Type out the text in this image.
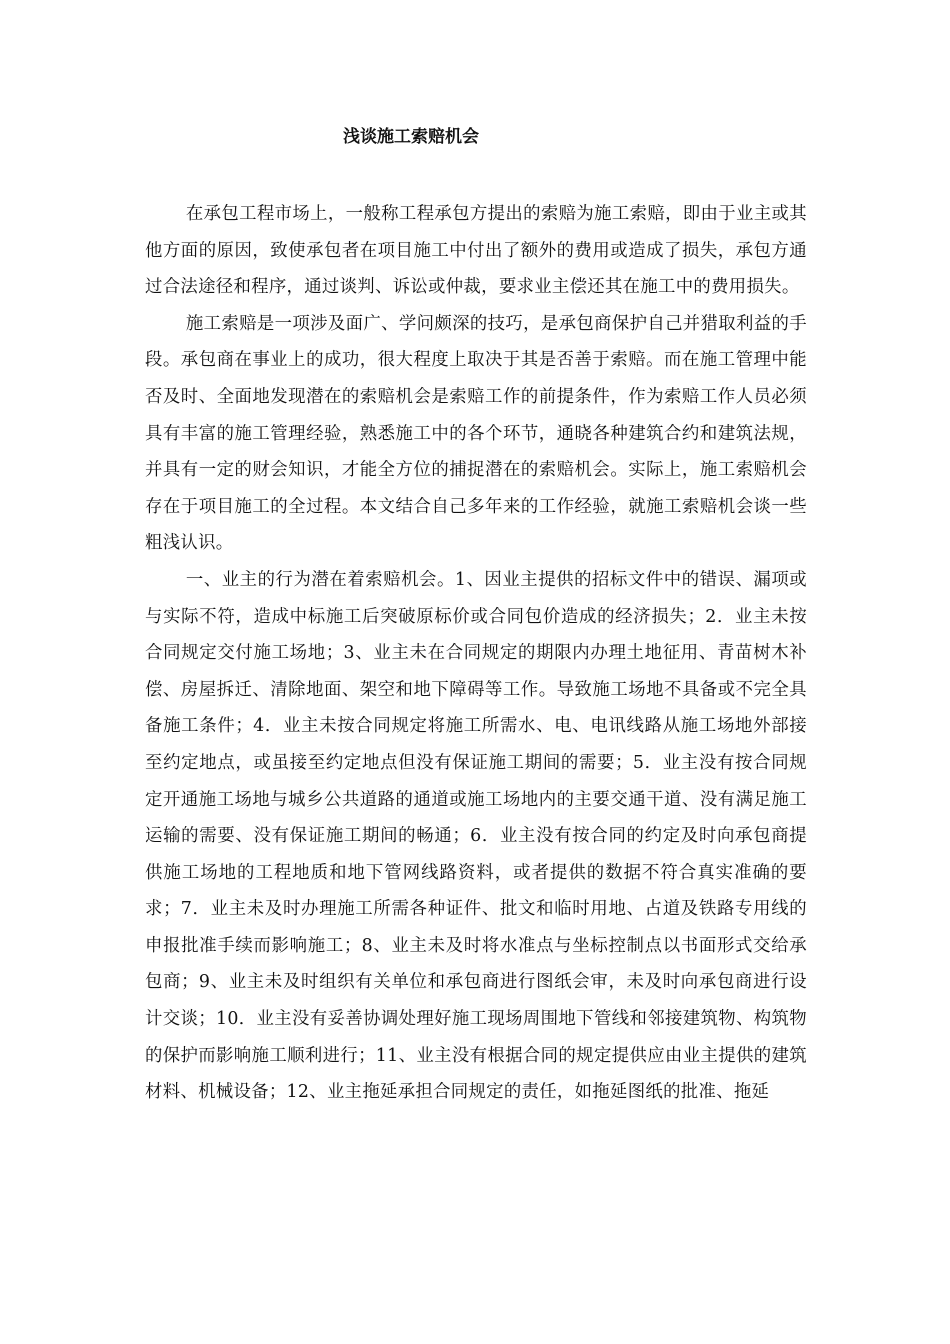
浅谈施工索赔机会

在承包工程市场上，一般称工程承包方提出的索赔为施工索赔，即由于业主或其他方面的原因，致使承包者在项目施工中付出了额外的费用或造成了损失，承包方通过合法途径和程序，通过谈判、诉讼或仲裁，要求业主偿还其在施工中的费用损失。

施工索赔是一项涉及面广、学问颇深的技巧，是承包商保护自己并猎取利益的手段。承包商在事业上的成功，很大程度上取决于其是否善于索赔。而在施工管理中能否及时、全面地发现潜在的索赔机会是索赔工作的前提条件，作为索赔工作人员必须具有丰富的施工管理经验，熟悉施工中的各个环节，通晓各种建筑合约和建筑法规，并具有一定的财会知识，才能全方位的捕捉潜在的索赔机会。实际上，施工索赔机会存在于项目施工的全过程。本文结合自己多年来的工作经验，就施工索赔机会谈一些粗浅认识。

一、业主的行为潜在着索赔机会。1、因业主提供的招标文件中的错误、漏项或与实际不符，造成中标施工后突破原标价或合同包价造成的经济损失；2．业主未按合同规定交付施工场地；3、业主未在合同规定的期限内办理土地征用、青苗树木补偿、房屋拆迁、清除地面、架空和地下障碍等工作。导致施工场地不具备或不完全具备施工条件；4．业主未按合同规定将施工所需水、电、电讯线路从施工场地外部接至约定地点，或虽接至约定地点但没有保证施工期间的需要；5．业主没有按合同规定开通施工场地与城乡公共道路的通道或施工场地内的主要交通干道、没有满足施工运输的需要、没有保证施工期间的畅通；6．业主没有按合同的约定及时向承包商提供施工场地的工程地质和地下管网线路资料，或者提供的数据不符合真实准确的要求；7．业主未及时办理施工所需各种证件、批文和临时用地、占道及铁路专用线的申报批准手续而影响施工；8、业主未及时将水准点与坐标控制点以书面形式交给承包商；9、业主未及时组织有关单位和承包商进行图纸会审，未及时向承包商进行设计交谈；10．业主没有妥善协调处理好施工现场周围地下管线和邻接建筑物、构筑物的保护而影响施工顺利进行；11、业主没有根据合同的规定提供应由业主提供的建筑材料、机械设备；12、业主拖延承担合同规定的责任，如拖延图纸的批准、拖延
